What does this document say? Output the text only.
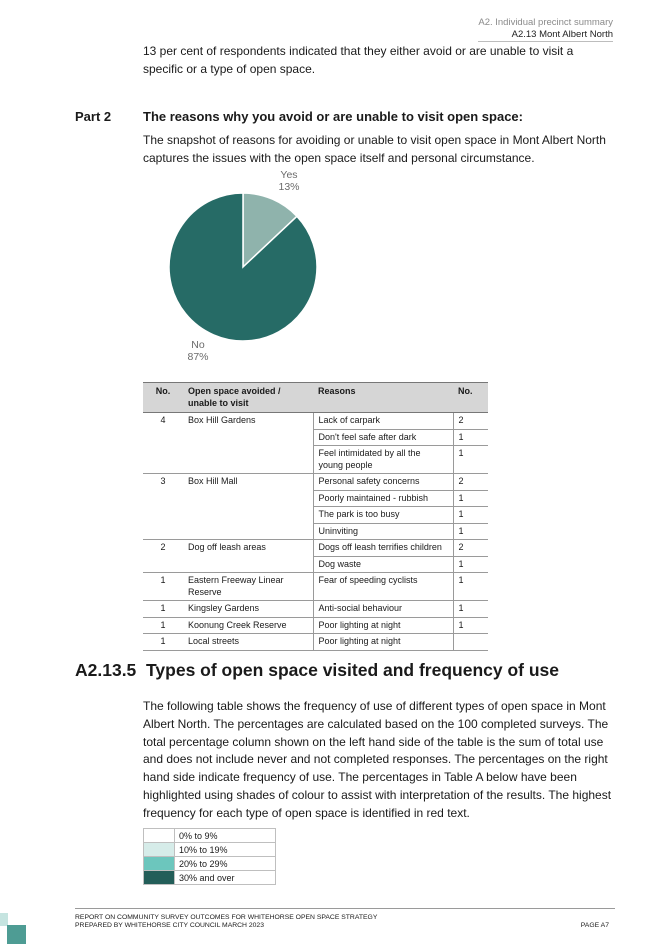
A2. Individual precinct summary
A2.13 Mont Albert North
13 per cent of respondents indicated that they either avoid or are unable to visit a specific or a type of open space.
Part 2 The reasons why you avoid or are unable to visit open space:
The snapshot of reasons for avoiding or unable to visit open space in Mont Albert North captures the issues with the open space itself and personal circumstance.
Yes
13%
No
87%
No.	Open space avoided / unable to visit	Reasons	No.
4	Box Hill Gardens	Lack of carpark	2
		Don't feel safe after dark	1
		Feel intimidated by all the young people	1
3	Box Hill Mall	Personal safety concerns	2
		Poorly maintained - rubbish	1
		The park is too busy	1
		Uninviting	1
2	Dog off leash areas	Dogs off leash terrifies children	2
		Dog waste	1
1	Eastern Freeway Linear Reserve	Fear of speeding cyclists	1
1	Kingsley Gardens	Anti-social behaviour	1
1	Koonung Creek Reserve	Poor lighting at night	1
1	Local streets	Poor lighting at night	
A2.13.5 Types of open space visited and frequency of use
The following table shows the frequency of use of different types of open space in Mont Albert North. The percentages are calculated based on the 100 completed surveys. The total percentage column shown on the left hand side of the table is the sum of total use and does not include never and not completed responses. The percentages on the right hand side indicate frequency of use. The percentages in Table A below have been highlighted using shades of colour to assist with interpretation of the results. The highest frequency for each type of open space is identified in red text.
	0% to 9%
	10% to 19%
	20% to 29%
	30% and over
REPORT ON COMMUNITY SURVEY OUTCOMES FOR WHITEHORSE OPEN SPACE STRATEGY
PREPARED BY WHITEHORSE CITY COUNCIL MARCH 2023	PAGE A7
